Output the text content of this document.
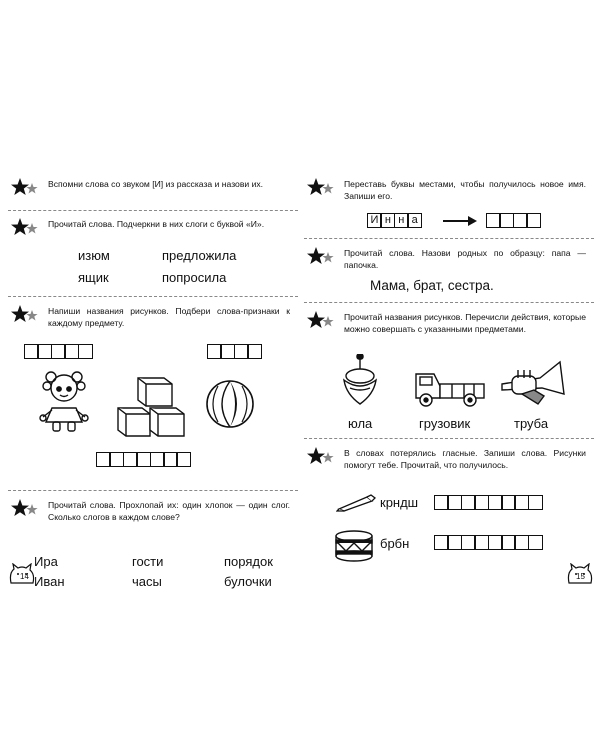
Вспомни слова со звуком [И] из рассказа и назови их.
Прочитай слова. Подчеркни в них слоги с буквой «И».
изюм	предложила
ящик	попросила
Напиши названия рисунков. Подбери слова-признаки к каждому предмету.
Прочитай слова. Прохлопай их: один хлопок — один слог. Сколько слогов в каждом слове?
Ира	гости	порядок
Иван	часы	булочки
14
Переставь буквы местами, чтобы получилось новое имя. Запиши его.
И н н а
Прочитай слова. Назови родных по образцу: папа — папочка.
Мама, брат, сестра.
Прочитай названия рисунков. Перечисли действия, которые можно совершать с указанными предметами.
юла	грузовик	труба
В словах потерялись гласные. Запиши слова. Рисунки помогут тебе. Прочитай, что получилось.
крндш
брбн
15
